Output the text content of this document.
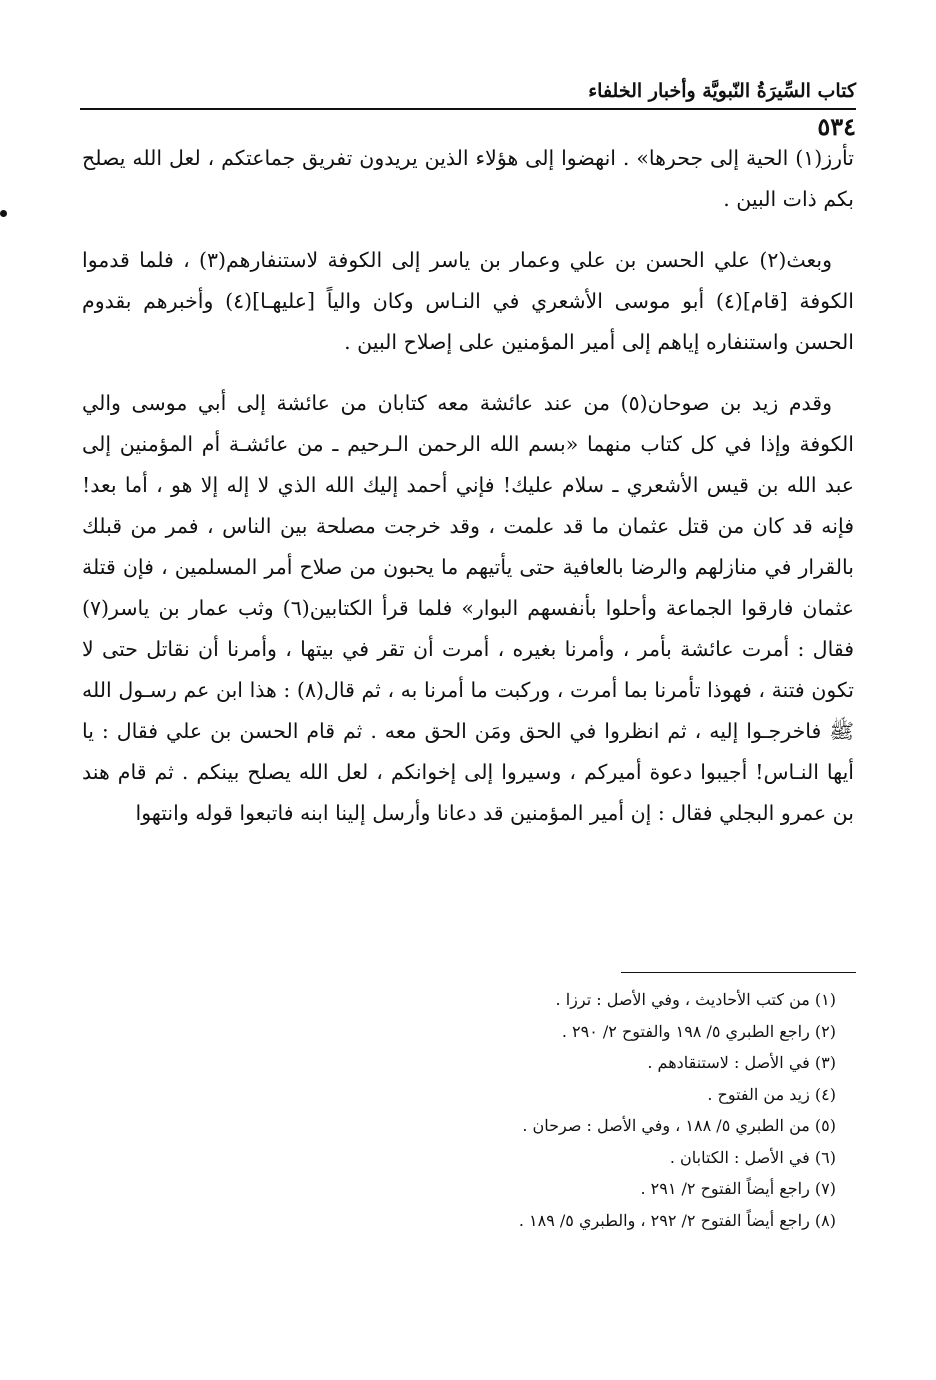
كتاب السِّيرَةُ النّبويَّة وأخبار الخلفاء
٥٣٤

تأرز(١) الحية إلى جحرها» . انهضوا إلى هؤلاء الذين يريدون تفريق جماعتكم ، لعل الله يصلح بكم ذات البين .

وبعث(٢) علي الحسن بن علي وعمار بن ياسر إلى الكوفة لاستنفارهم(٣) ، فلما قدموا الكوفة [قام](٤) أبو موسى الأشعري في النـاس وكان والياً [عليهـا](٤) وأخبرهم بقدوم الحسن واستنفاره إياهم إلى أمير المؤمنين على إصلاح البين .

وقدم زيد بن صوحان(٥) من عند عائشة معه كتابان من عائشة إلى أبي موسى والي الكوفة وإذا في كل كتاب منهما «بسم الله الرحمن الـرحيم ـ من عائشـة أم المؤمنين إلى عبد الله بن قيس الأشعري ـ سلام عليك! فإني أحمد إليك الله الذي لا إله إلا هو ، أما بعد! فإنه قد كان من قتل عثمان ما قد علمت ، وقد خرجت مصلحة بين الناس ، فمر من قبلك بالقرار في منازلهم والرضا بالعافية حتى يأتيهم ما يحبون من صلاح أمر المسلمين ، فإن قتلة عثمان فارقوا الجماعة وأحلوا بأنفسهم البوار» فلما قرأ الكتابين(٦) وثب عمار بن ياسر(٧) فقال : أمرت عائشة بأمر ، وأمرنا بغيره ، أمرت أن تقر في بيتها ، وأمرنا أن نقاتل حتى لا تكون فتنة ، فهوذا تأمرنا بما أمرت ، وركبت ما أمرنا به ، ثم قال(٨) : هذا ابن عم رسـول الله ﷺ فاخرجـوا إليه ، ثم انظروا في الحق ومَن الحق معه . ثم قام الحسن بن علي فقال : يا أيها النـاس! أجيبوا دعوة أميركم ، وسيروا إلى إخوانكم ، لعل الله يصلح بينكم . ثم قام هند بن عمرو البجلي فقال : إن أمير المؤمنين قد دعانا وأرسل إلينا ابنه فاتبعوا قوله وانتهوا

(١) من كتب الأحاديث ، وفي الأصل : ترزا .
(٢) راجع الطبري ٥/ ١٩٨ والفتوح ٢/ ٢٩٠ .
(٣) في الأصل : لاستنقادهم .
(٤) زيد من الفتوح .
(٥) من الطبري ٥/ ١٨٨ ، وفي الأصل : صرحان .
(٦) في الأصل : الكتابان .
(٧) راجع أيضاً الفتوح ٢/ ٢٩١ .
(٨) راجع أيضاً الفتوح ٢/ ٢٩٢ ، والطبري ٥/ ١٨٩ .
